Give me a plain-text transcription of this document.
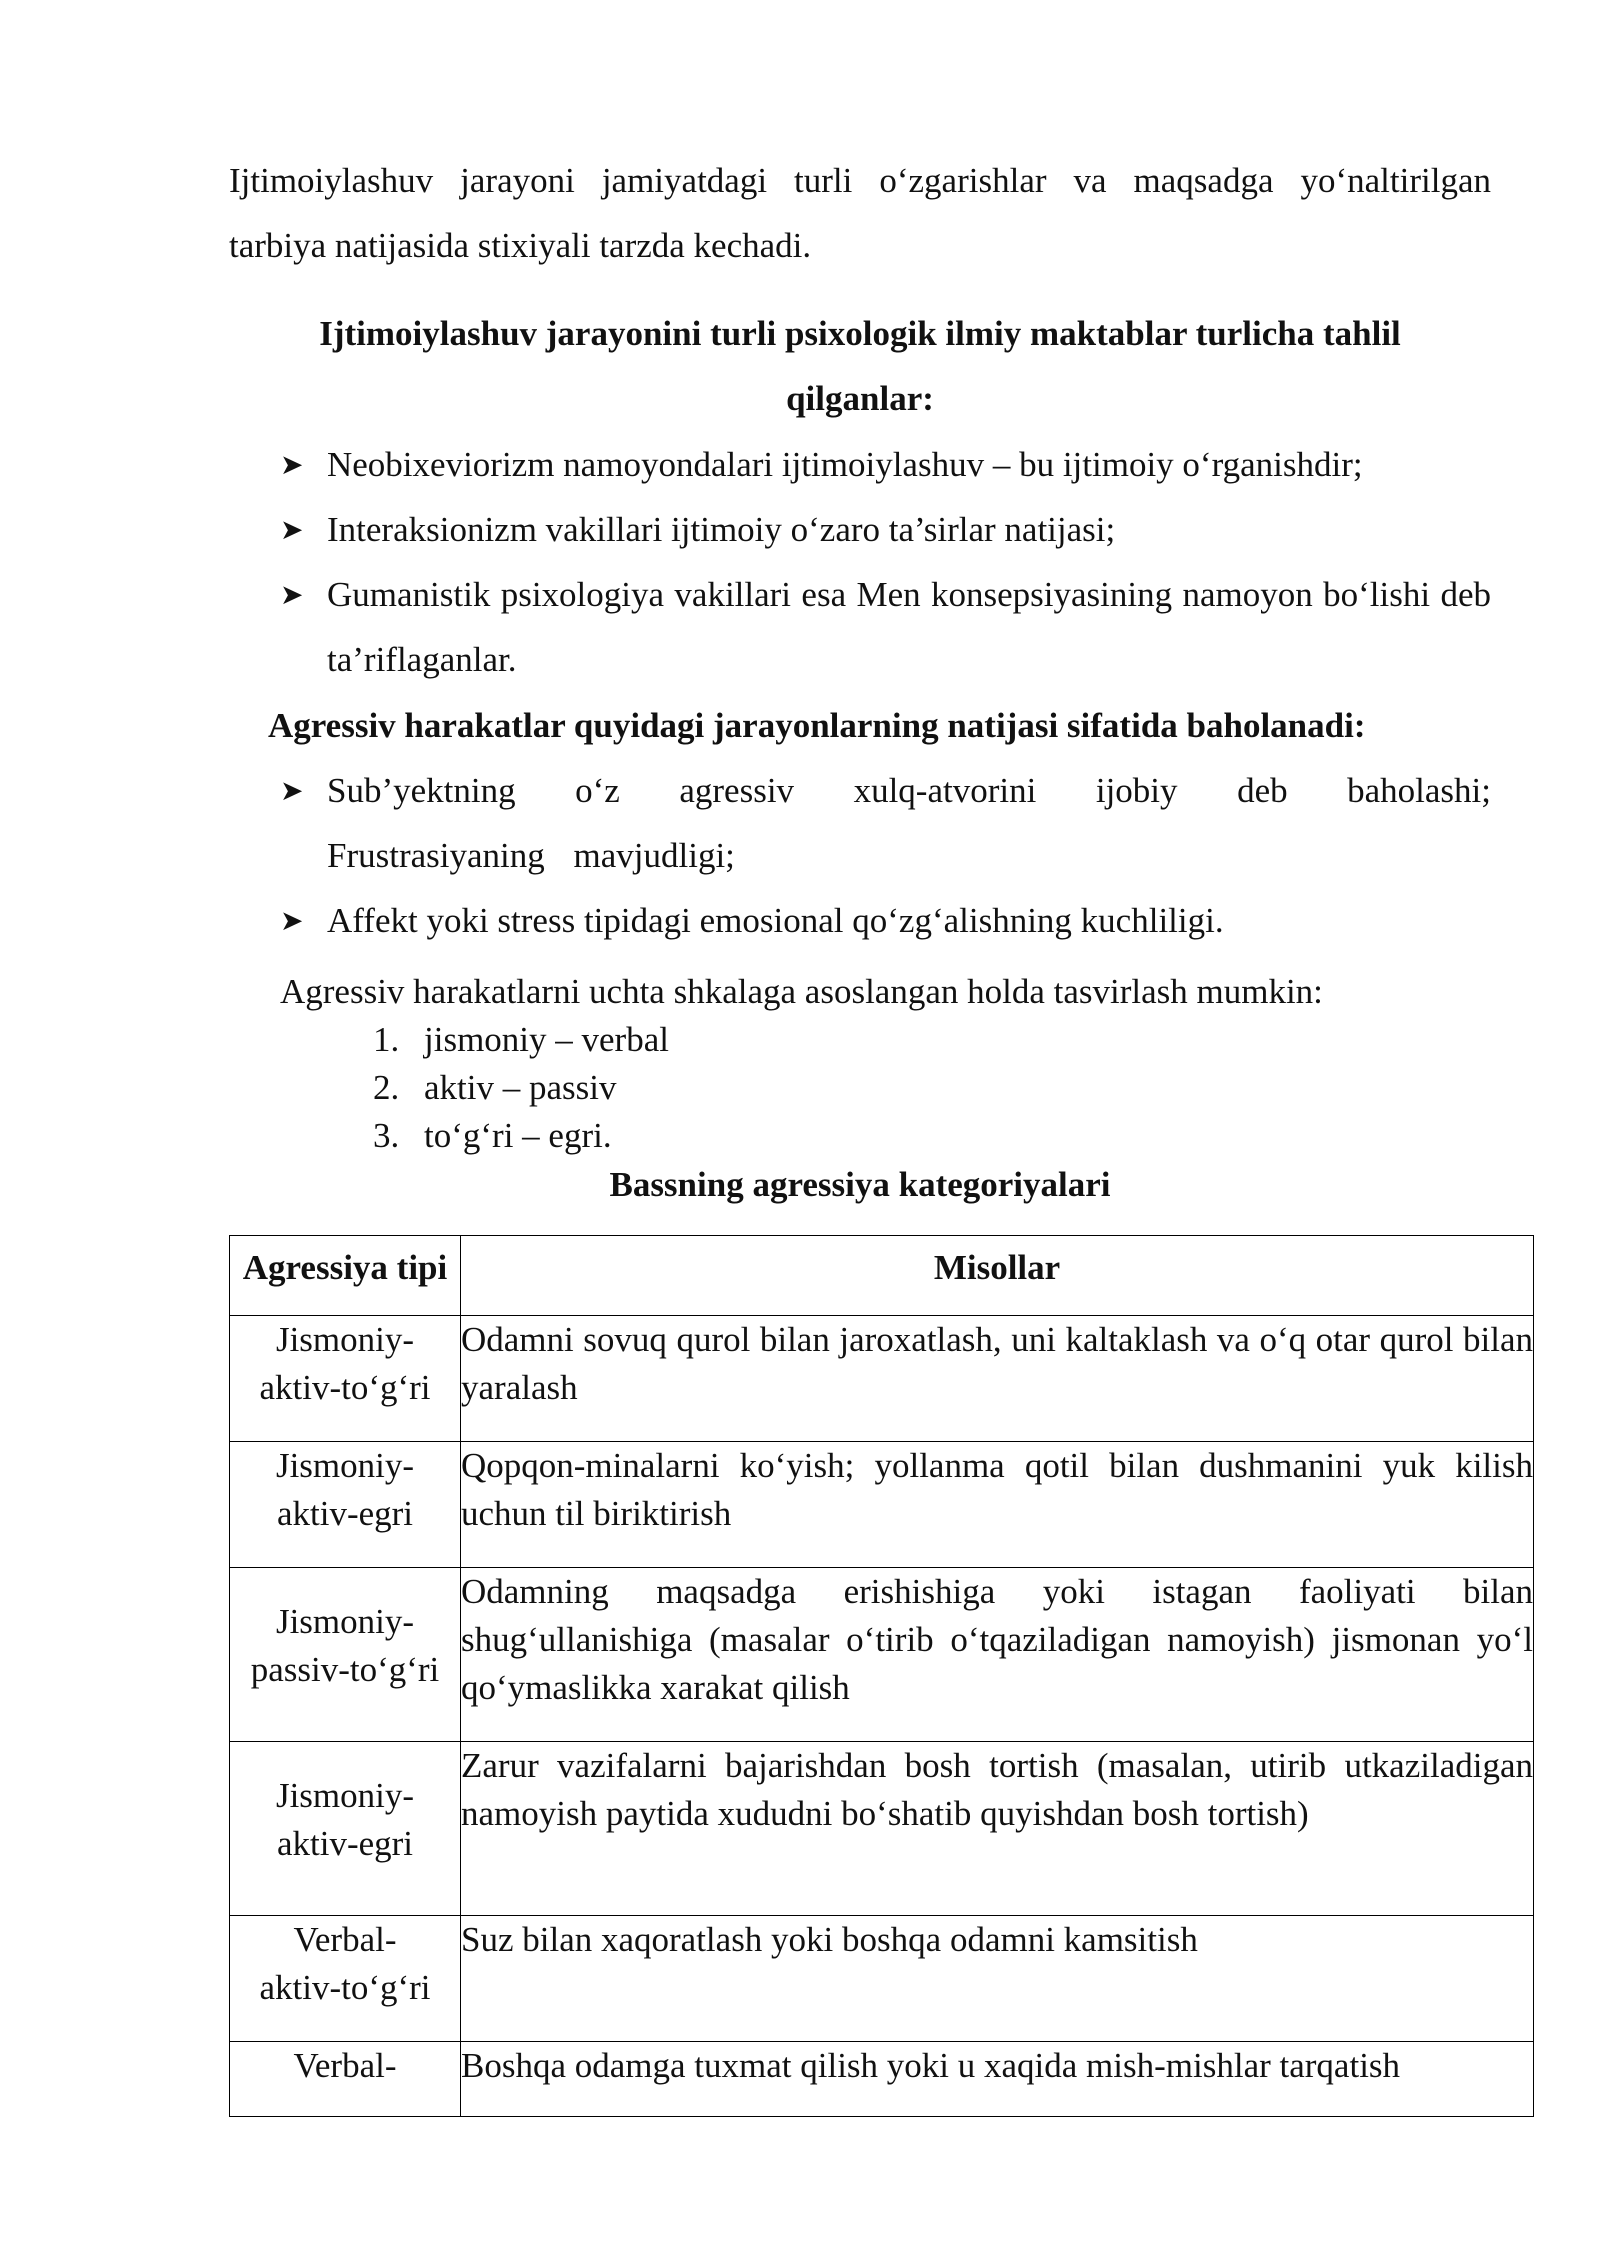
Ijtimoiylashuv jarayoni jamiyatdagi turli o‘zgarishlar va maqsadga yo‘naltirilgan
tarbiya natijasida stixiyali tarzda kechadi.

Ijtimoiylashuv jarayonini turli psixologik ilmiy maktablar turlicha tahlil
qilganlar:
➤ Neobixeviorizm namoyondalari ijtimoiylashuv – bu ijtimoiy o‘rganishdir;
➤ Interaksionizm vakillari ijtimoiy o‘zaro ta’sirlar natijasi;
➤ Gumanistik psixologiya vakillari esa Men konsepsiyasining namoyon bo‘lishi deb ta’riflaganlar.
Agressiv harakatlar quyidagi jarayonlarning natijasi sifatida baholanadi:
➤ Sub’yektning o‘z agressiv xulq-atvorini ijobiy deb baholashi; Frustrasiyaning mavjudligi;
➤ Affekt yoki stress tipidagi emosional qo‘zg‘alishning kuchliligi.
Agressiv harakatlarni uchta shkalaga asoslangan holda tasvirlash mumkin:
1. jismoniy – verbal
2. aktiv – passiv
3. to‘g‘ri – egri.
Bassning agressiya kategoriyalari
Agressiya tipi	Misollar

Jismoniy-
aktiv-to‘g‘ri	Odamni sovuq qurol bilan jaroxatlash, uni kaltaklash va o‘q otar qurol bilan yaralash

Jismoniy-
aktiv-egri	Qopqon-minalarni ko‘yish; yollanma qotil bilan dushmanini yuk kilish uchun til biriktirish

Jismoniy-
passiv-to‘g‘ri	Odamning maqsadga erishishiga yoki istagan faoliyati bilan shug‘ullanishiga (masalar o‘tirib o‘tqaziladigan namoyish) jismonan yo‘l qo‘ymaslikka xarakat qilish

Jismoniy-
aktiv-egri	Zarur vazifalarni bajarishdan bosh tortish (masalan, utirib utkaziladigan namoyish paytida xududni bo‘shatib quyishdan bosh tortish)

Verbal-
aktiv-to‘g‘ri	Suz bilan xaqoratlash yoki boshqa odamni kamsitish

Verbal-	Boshqa odamga tuxmat qilish yoki u xaqida mish-mishlar tarqatish
